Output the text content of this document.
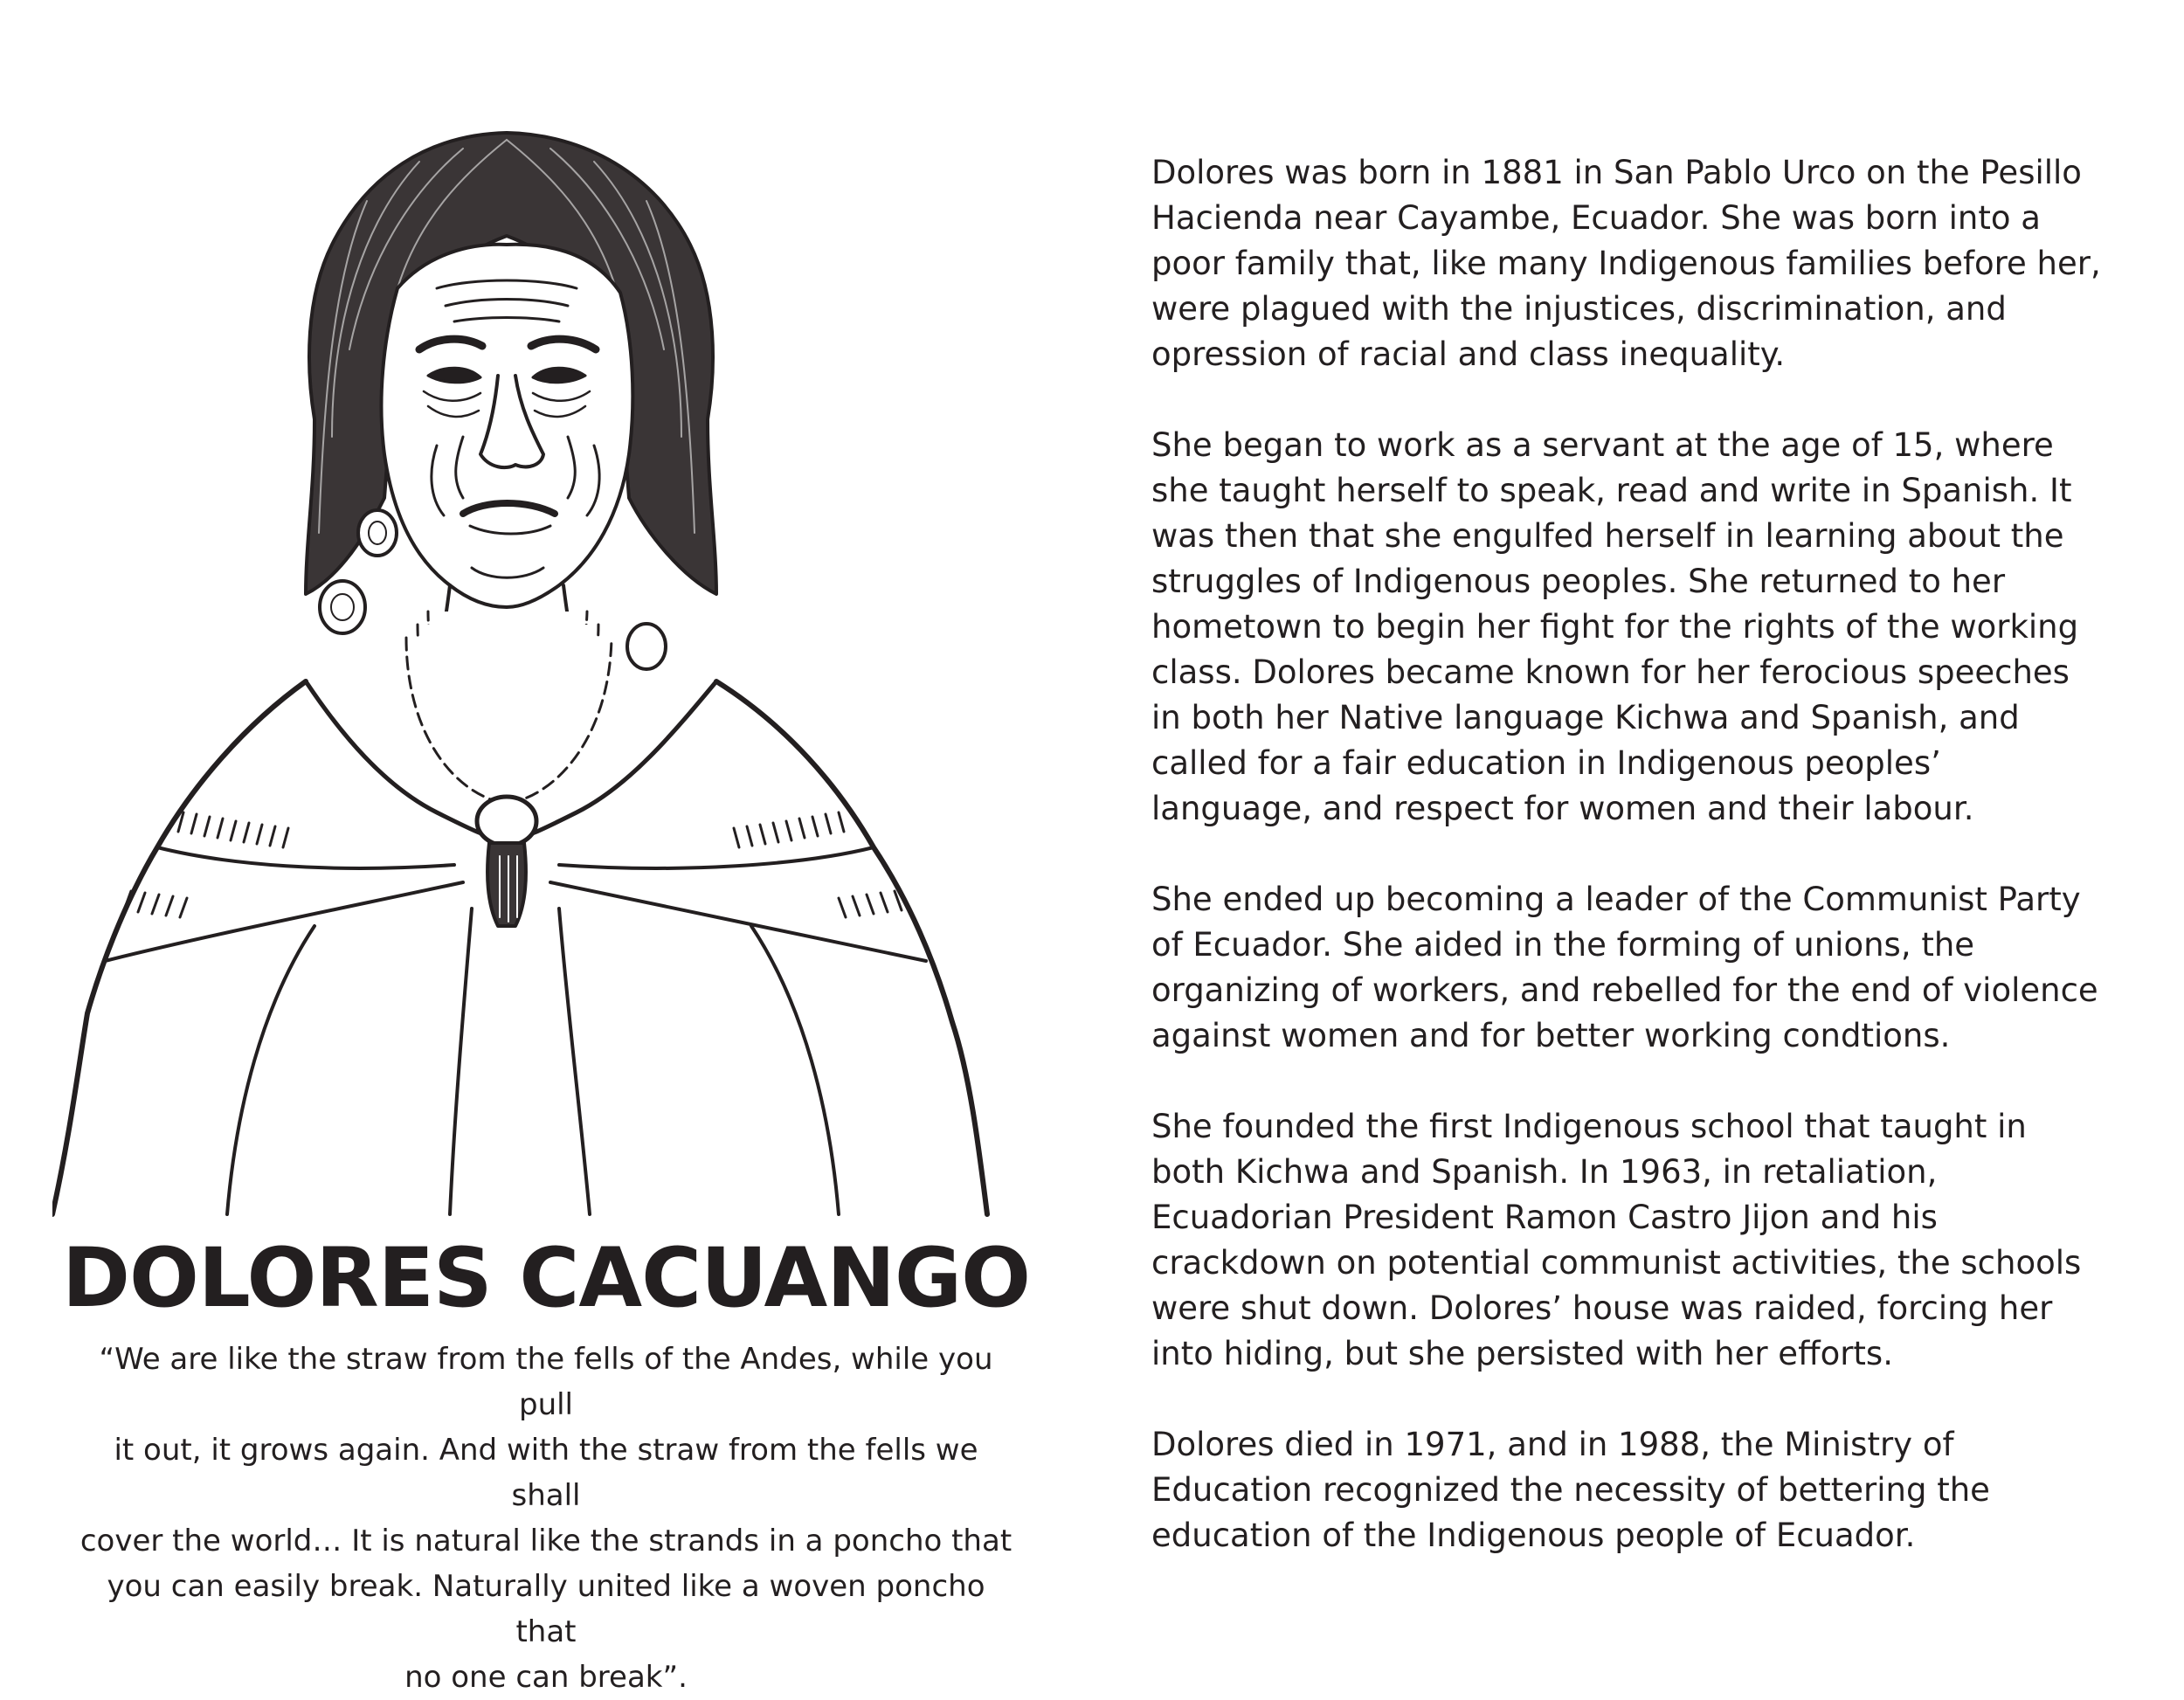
DOLORES CACUANGO
“We are like the straw from the fells of the Andes, while you pull
it out, it grows again. And with the straw from the fells we shall
cover the world… It is natural like the strands in a poncho that
you can easily break. Naturally united like a woven poncho that
no one can break”.

Dolores was born in 1881 in San Pablo Urco on the Pesillo
Hacienda near Cayambe, Ecuador. She was born into a
poor family that, like many Indigenous families before her,
were plagued with the injustices, discrimination, and
opression of racial and class inequality.

She began to work as a servant at the age of 15, where
she taught herself to speak, read and write in Spanish. It
was then that she engulfed herself in learning about the
struggles of Indigenous peoples. She returned to her
hometown to begin her fight for the rights of the working
class. Dolores became known for her ferocious speeches
in both her Native language Kichwa and Spanish, and
called for a fair education in Indigenous peoples’
language, and respect for women and their labour.

She ended up becoming a leader of the Communist Party
of Ecuador. She aided in the forming of unions, the
organizing of workers, and rebelled for the end of violence
against women and for better working condtions.

She founded the first Indigenous school that taught in
both Kichwa and Spanish. In 1963, in retaliation,
Ecuadorian President Ramon Castro Jijon and his
crackdown on potential communist activities, the schools
were shut down. Dolores’ house was raided, forcing her
into hiding, but she persisted with her efforts.

Dolores died in 1971, and in 1988, the Ministry of
Education recognized the necessity of bettering the
education of the Indigenous people of Ecuador.
